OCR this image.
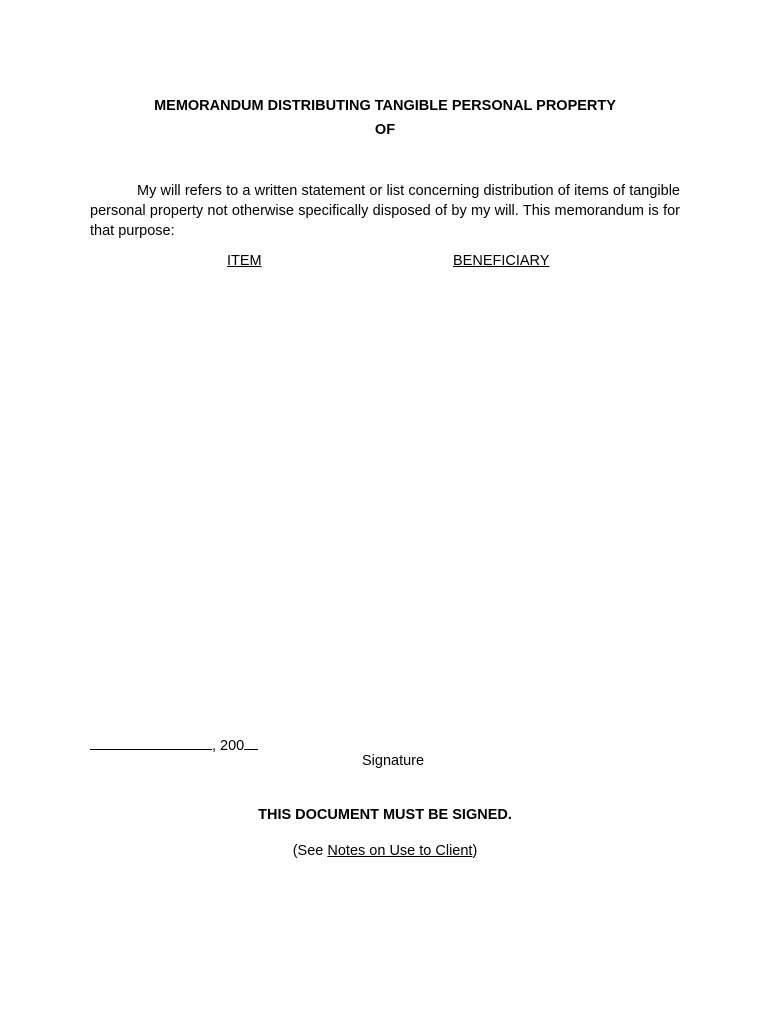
MEMORANDUM DISTRIBUTING TANGIBLE PERSONAL PROPERTY
OF
My will refers to a written statement or list concerning distribution of items of tangible personal property not otherwise specifically disposed of by my will. This memorandum is for that purpose:
ITEM	BENEFICIARY
, 200
Signature
THIS DOCUMENT MUST BE SIGNED.
(See Notes on Use to Client)
